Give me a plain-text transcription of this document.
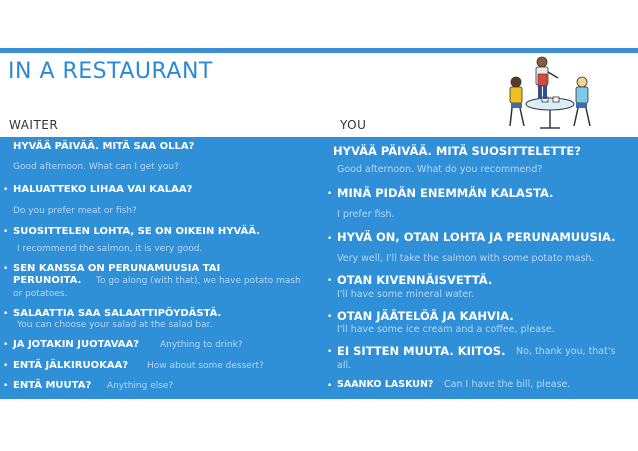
IN A RESTAURANT
WAITER	YOU
HYVÄÄ PÄIVÄÄ. MITÄ SAA OLLA?
Good afternoon. What can I get you?
• HALUATTEKO LIHAA VAI KALAA?
Do you prefer meat or fish?
• SUOSITTELEN LOHTA, SE ON OIKEIN HYVÄÄ.
I recommend the salmon, it is very good.
• SEN KANSSA ON PERUNAMUUSIA TAI
PERUNOITA. To go along (with that), we have potato mash
or potatoes.
• SALAATTIA SAA SALAATTIPÖYDÄSTÄ.
You can choose your salad at the salad bar.
• JA JOTAKIN JUOTAVAA? Anything to drink?
• ENTÄ JÄLKIRUOKAA? How about some dessert?
• ENTÄ MUUTA? Anything else?
HYVÄÄ PÄIVÄÄ. MITÄ SUOSITTELETTE?
Good afternoon. What do you recommend?
• MINÄ PIDÄN ENEMMÄN KALASTA.
I prefer fish.
• HYVÄ ON, OTAN LOHTA JA PERUNAMUUSIA.
Very well, I'll take the salmon with some potato mash.
• OTAN KIVENNÄISVETTÄ.
I'll have some mineral water.
• OTAN JÄÄTELÖÄ JA KAHVIA.
I'll have some ice cream and a coffee, please.
• EI SITTEN MUUTA. KIITOS. No, thank you, that's
all.
• SAANKO LASKUN? Can I have the bill, please.
